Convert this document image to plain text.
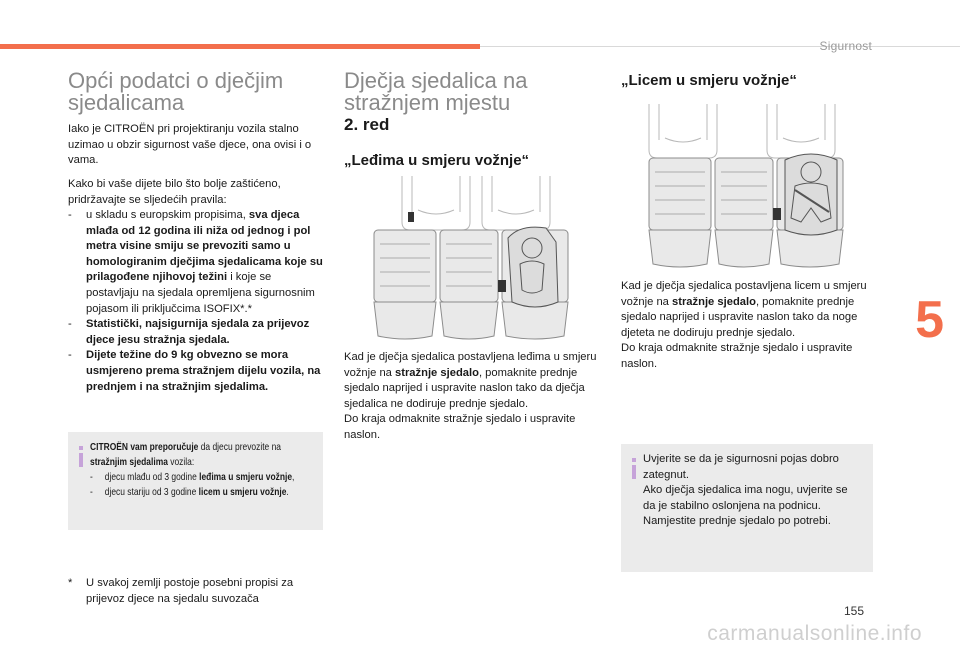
Sigurnost
5
155
carmanualsonline.info
Opći podatci o dječjim
sjedalicama

Iako je CITROËN pri projektiranju vozila stalno uzimao u obzir sigurnost vaše djece, ona ovisi i o vama.

Kako bi vaše dijete bilo što bolje zaštićeno, pridržavajte se sljedećih pravila:

- u skladu s europskim propisima, sva djeca mlađa od 12 godina ili niža od jednog i pol metra visine smiju se prevoziti samo u homologiranim dječjima sjedalicama koje su prilagođene njihovoj težini i koje se postavljaju na sjedala opremljena sigurnosnim pojasom ili priključcima ISOFIX*.*
- Statistički, najsigurnija sjedala za prijevoz djece jesu stražnja sjedala.
- Dijete težine do 9 kg obvezno se mora usmjereno prema stražnjem dijelu vozila, na prednjem i na stražnjim sjedalima.
CITROËN vam preporučuje da djecu prevozite na stražnjim sjedalima vozila:
- djecu mlađu od 3 godine leđima u smjeru vožnje,
- djecu stariju od 3 godine licem u smjeru vožnje.
* U svakoj zemlji postoje posebni propisi za prijevoz djece na sjedalu suvozača

Dječja sjedalica na
stražnjem mjestu
2. red
„Leđima u smjeru vožnje“

Kad je dječja sjedalica postavljena leđima u smjeru vožnje na stražnje sjedalo, pomaknite prednje sjedalo naprijed i uspravite naslon tako da dječja sjedalica ne dodiruje prednje sjedalo.

Do kraja odmaknite stražnje sjedalo i uspravite naslon.

„Licem u smjeru vožnje“

Kad je dječja sjedalica postavljena licem u smjeru vožnje na stražnje sjedalo, pomaknite prednje sjedalo naprijed i uspravite naslon tako da noge djeteta ne dodiruju prednje sjedalo.

Do kraja odmaknite stražnje sjedalo i uspravite naslon.

Uvjerite se da je sigurnosni pojas dobro zategnut.

Ako dječja sjedalica ima nogu, uvjerite se da je stabilno oslonjena na podnicu.

Namjestite prednje sjedalo po potrebi.
